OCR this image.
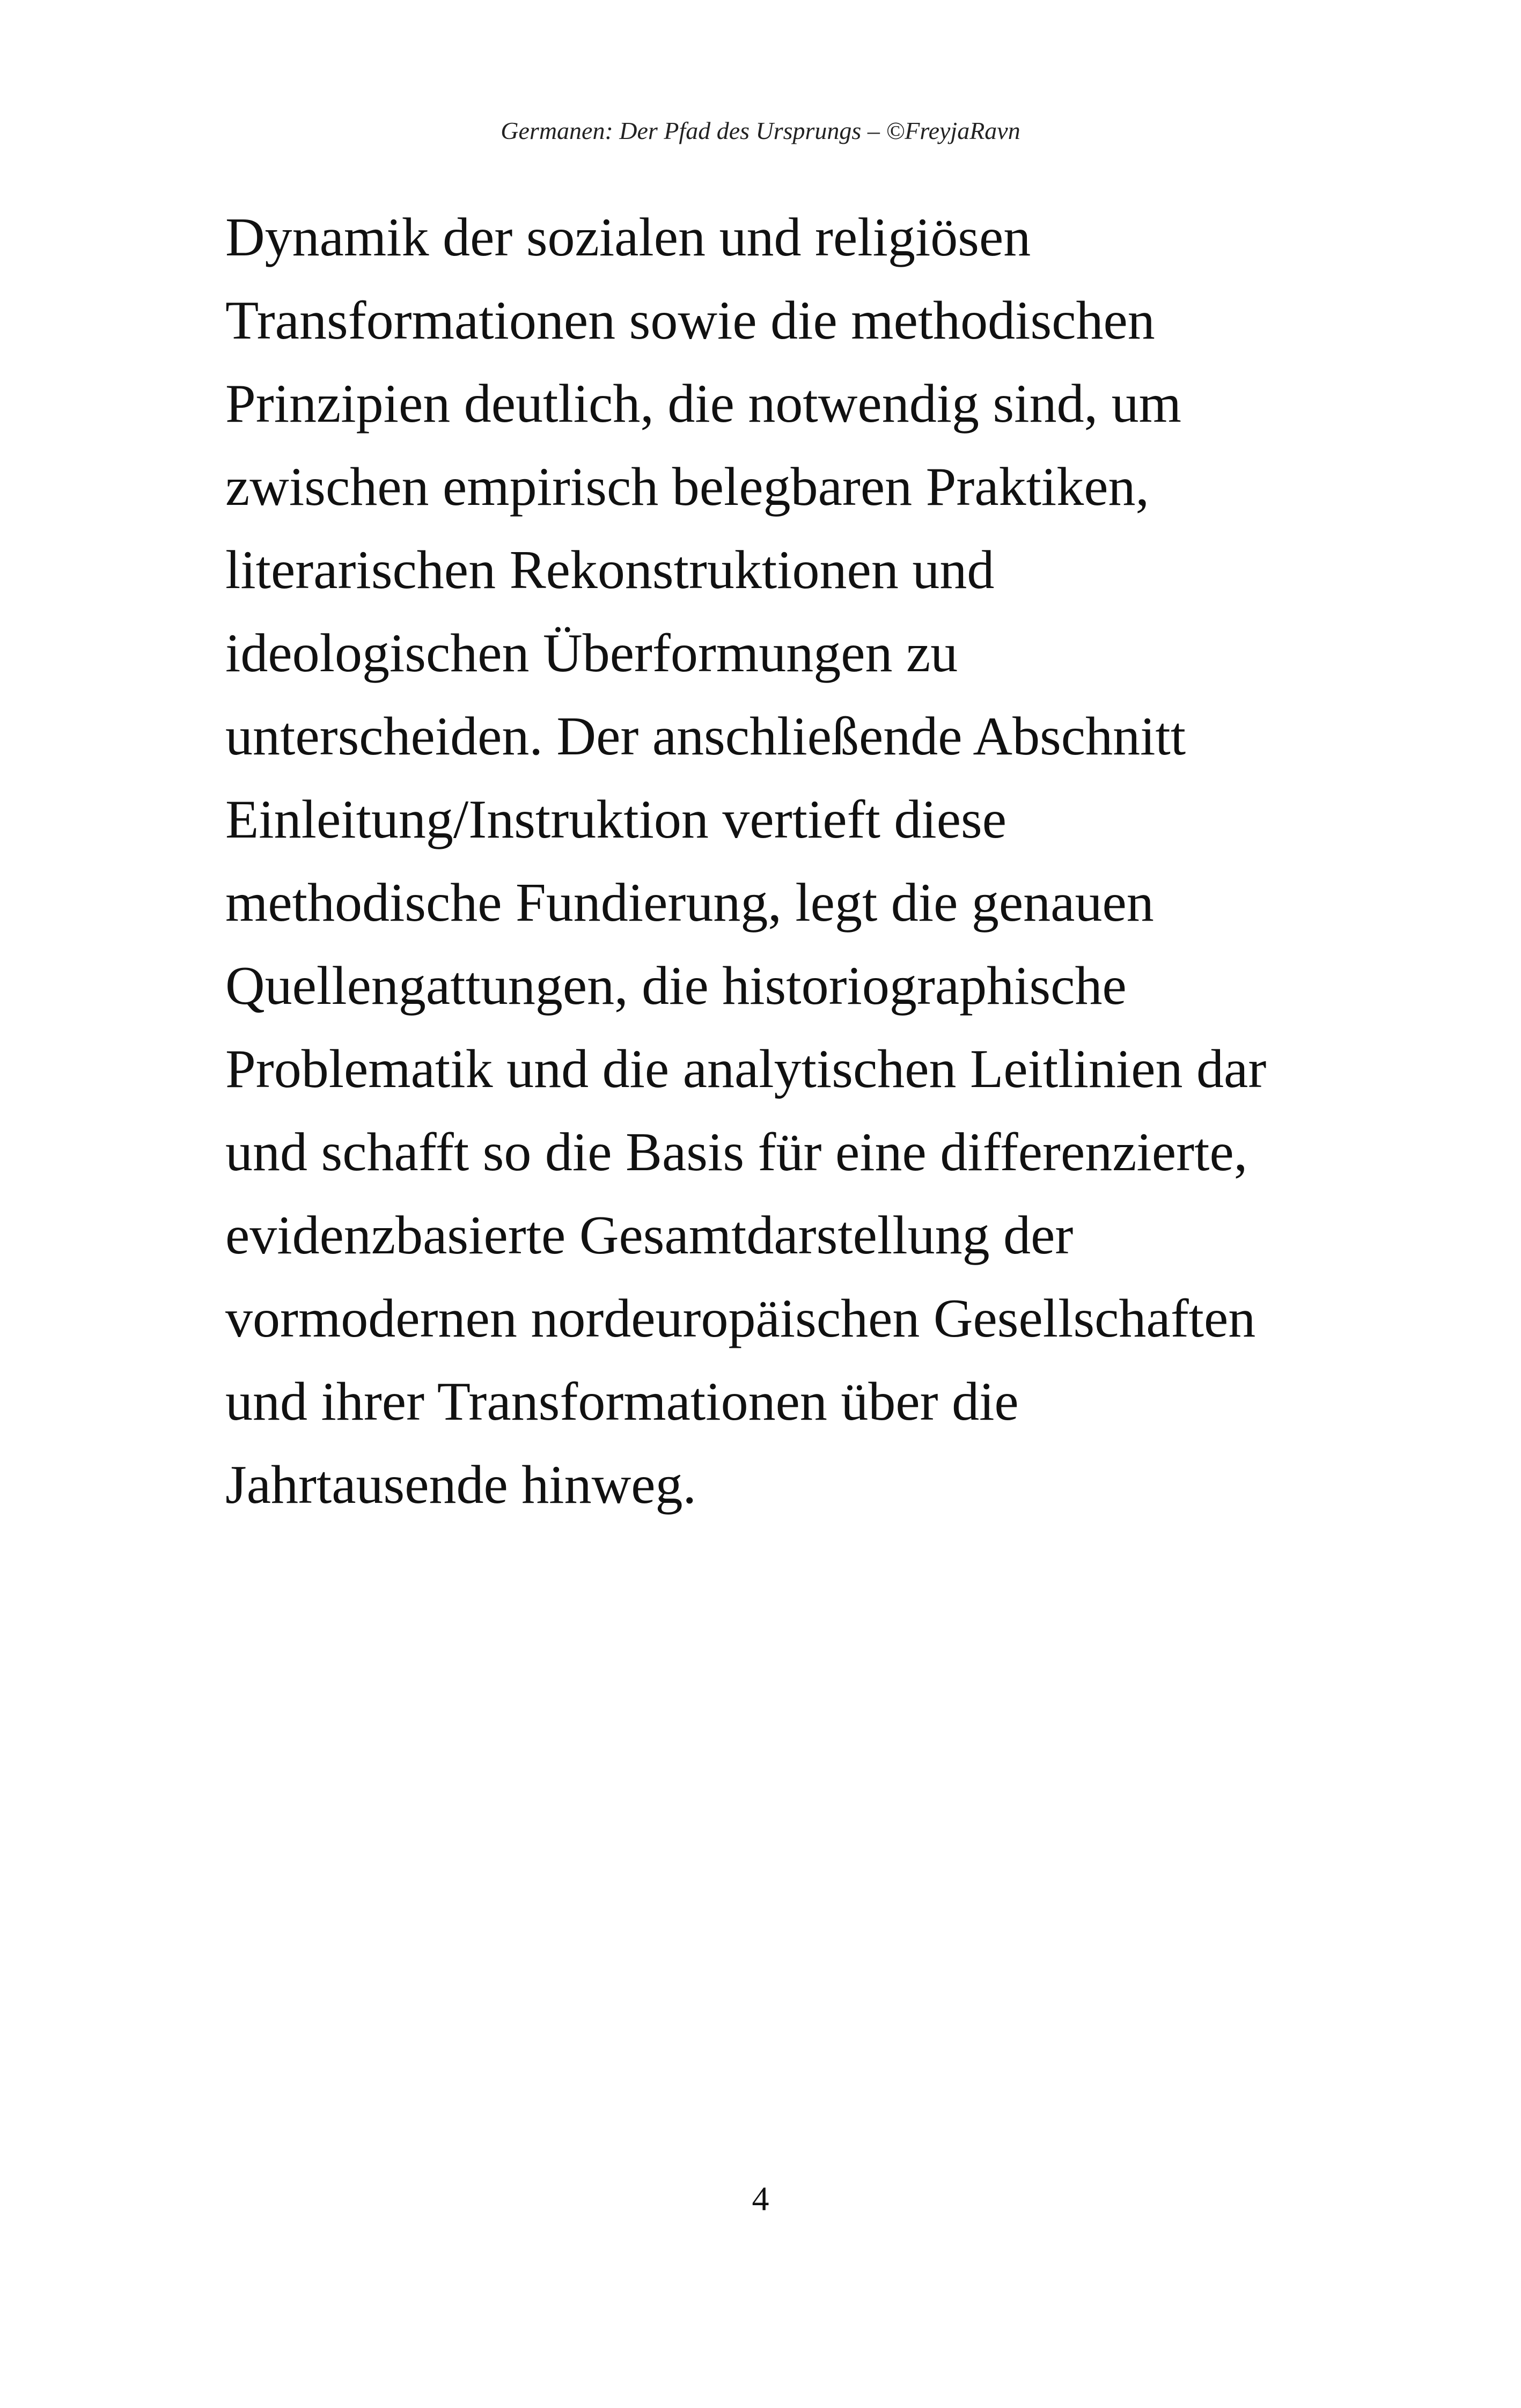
Germanen: Der Pfad des Ursprungs – ©FreyjaRavn
Dynamik der sozialen und religiösen
Transformationen sowie die methodischen
Prinzipien deutlich, die notwendig sind, um
zwischen empirisch belegbaren Praktiken,
literarischen Rekonstruktionen und
ideologischen Überformungen zu
unterscheiden. Der anschließende Abschnitt
Einleitung/Instruktion vertieft diese
methodische Fundierung, legt die genauen
Quellengattungen, die historiographische
Problematik und die analytischen Leitlinien dar
und schafft so die Basis für eine differenzierte,
evidenzbasierte Gesamtdarstellung der
vormodernen nordeuropäischen Gesellschaften
und ihrer Transformationen über die
Jahrtausende hinweg.
4
